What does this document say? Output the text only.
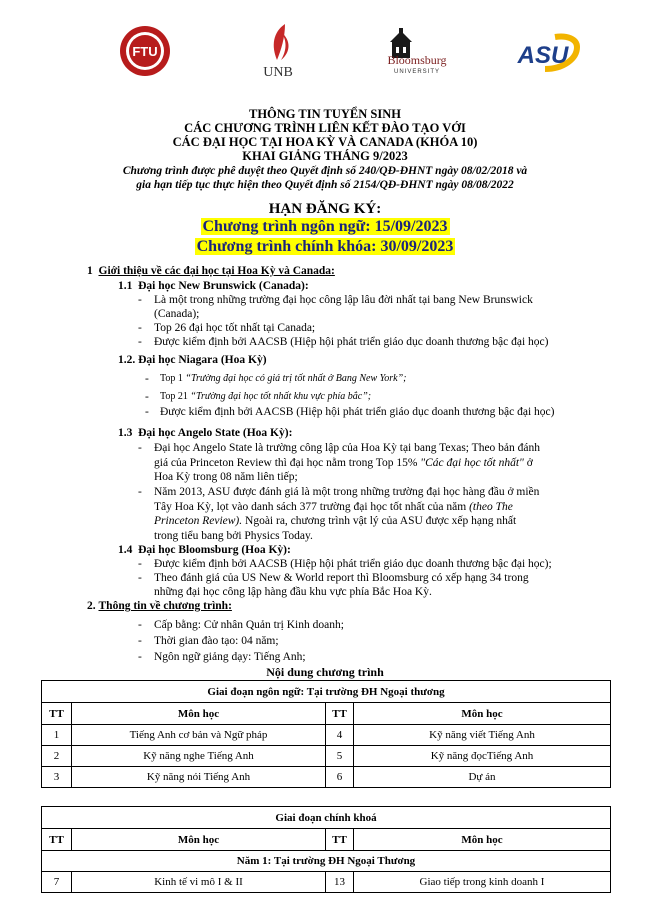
FTU
UNB
Bloomsburg
UNIVERSITY
ASU
THÔNG TIN TUYỂN SINH
CÁC CHƯƠNG TRÌNH LIÊN KẾT ĐÀO TẠO VỚI
CÁC ĐẠI HỌC TẠI HOA KỲ VÀ CANADA (KHÓA 10)
KHAI GIẢNG THÁNG 9/2023
Chương trình được phê duyệt theo Quyết định số 240/QĐ-ĐHNT ngày 08/02/2018 và
gia hạn tiếp tục thực hiện theo Quyết định số 2154/QĐ-ĐHNT ngày 08/08/2022
HẠN ĐĂNG KÝ:
Chương trình ngôn ngữ: 15/09/2023
Chương trình chính khóa: 30/09/2023
1 Giới thiệu về các đại học tại Hoa Kỳ và Canada:
1.1 Đại học New Brunswick (Canada):
- Là một trong những trường đại học công lập lâu đời nhất tại bang New Brunswick
(Canada);
- Top 26 đại học tốt nhất tại Canada;
- Được kiểm định bởi AACSB (Hiệp hội phát triển giáo dục doanh thương bậc đại học)
1.2. Đại học Niagara (Hoa Kỳ)
- Top 1 “Trường đại học có giá trị tốt nhất ở Bang New York”;
- Top 21 “Trường đại học tốt nhất khu vực phía bắc”;
- Được kiểm định bởi AACSB (Hiệp hội phát triển giáo dục doanh thương bậc đại học)
1.3 Đại học Angelo State (Hoa Kỳ):
- Đại học Angelo State là trường công lập của Hoa Kỳ tại bang Texas; Theo bản đánh
giá của Princeton Review thì đại học nằm trong Top 15% "Các đại học tốt nhất" ở
Hoa Kỳ trong 08 năm liên tiếp;
- Năm 2013, ASU được đánh giá là một trong những trường đại học hàng đầu ở miền
Tây Hoa Kỳ, lọt vào danh sách 377 trường đại học tốt nhất của năm (theo The
Princeton Review). Ngoài ra, chương trình vật lý của ASU được xếp hạng nhất
trong tiểu bang bởi Physics Today.
1.4 Đại học Bloomsburg (Hoa Kỳ):
- Được kiểm định bởi AACSB (Hiệp hội phát triển giáo dục doanh thương bậc đại học);
- Theo đánh giá của US New & World report thì Bloomsburg có xếp hạng 34 trong
những đại học công lập hàng đầu khu vực phía Bắc Hoa Kỳ.
2. Thông tin về chương trình:
- Cấp bằng: Cử nhân Quản trị Kinh doanh;
- Thời gian đào tạo: 04 năm;
- Ngôn ngữ giảng dạy: Tiếng Anh;
Nội dung chương trình
Giai đoạn ngôn ngữ: Tại trường ĐH Ngoại thương			
TT	Môn học	TT	Môn học
1	Tiếng Anh cơ bản và Ngữ pháp	4	Kỹ năng viết Tiếng Anh
2	Kỹ năng nghe Tiếng Anh	5	Kỹ năng đọcTiếng Anh
3	Kỹ năng nói Tiếng Anh	6	Dự án
Giai đoạn chính khoá			
TT	Môn học	TT	Môn học
Năm 1: Tại trường ĐH Ngoại Thương			
7	Kinh tế vi mô I & II	13	Giao tiếp trong kinh doanh I
